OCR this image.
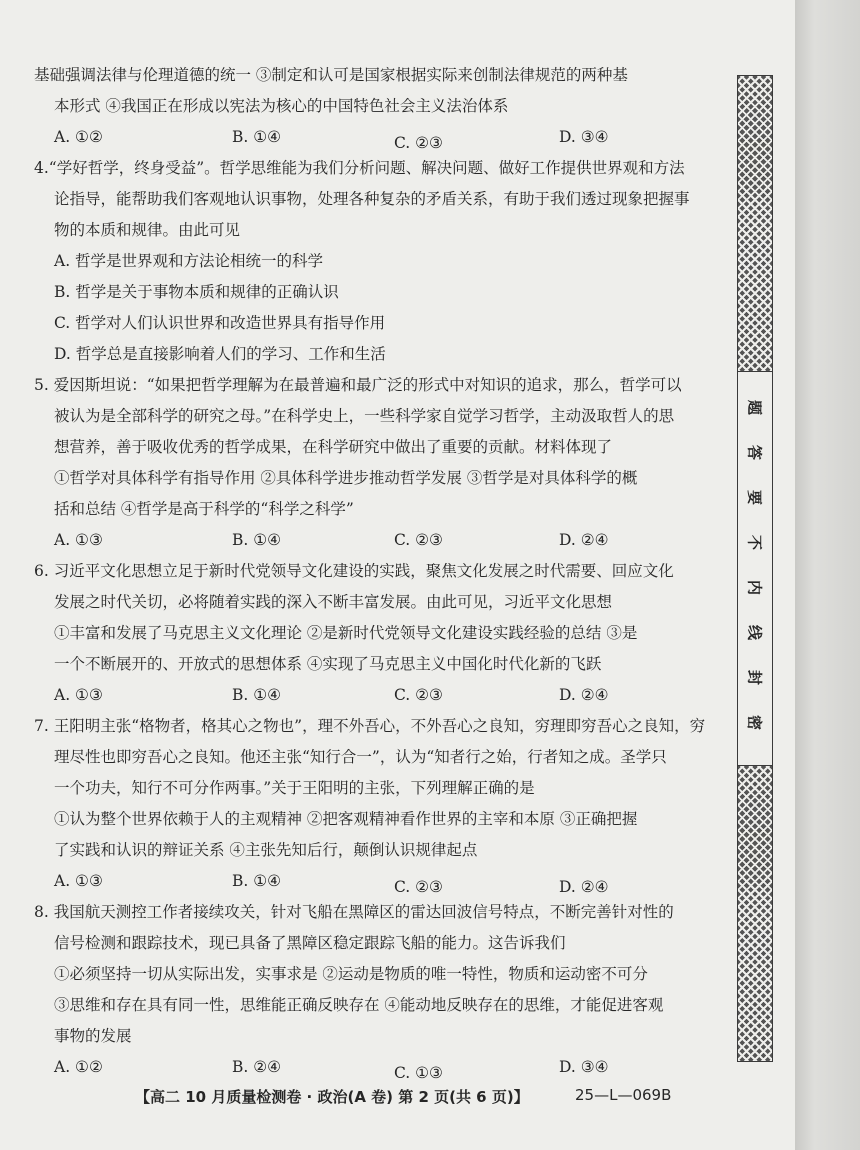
基础强调法律与伦理道德的统一 ③制定和认可是国家根据实际来创制法律规范的两种基
本形式 ④我国正在形成以宪法为核心的中国特色社会主义法治体系
A. ①②	B. ①④	C. ②③	D. ③④
4.“学好哲学，终身受益”。哲学思维能为我们分析问题、解决问题、做好工作提供世界观和方法
论指导，能帮助我们客观地认识事物，处理各种复杂的矛盾关系，有助于我们透过现象把握事
物的本质和规律。由此可见
A. 哲学是世界观和方法论相统一的科学
B. 哲学是关于事物本质和规律的正确认识
C. 哲学对人们认识世界和改造世界具有指导作用
D. 哲学总是直接影响着人们的学习、工作和生活
5. 爱因斯坦说：“如果把哲学理解为在最普遍和最广泛的形式中对知识的追求，那么，哲学可以
被认为是全部科学的研究之母。”在科学史上，一些科学家自觉学习哲学，主动汲取哲人的思
想营养，善于吸收优秀的哲学成果，在科学研究中做出了重要的贡献。材料体现了
①哲学对具体科学有指导作用 ②具体科学进步推动哲学发展 ③哲学是对具体科学的概
括和总结 ④哲学是高于科学的“科学之科学”
A. ①③	B. ①④	C. ②③	D. ②④
6. 习近平文化思想立足于新时代党领导文化建设的实践，聚焦文化发展之时代需要、回应文化
发展之时代关切，必将随着实践的深入不断丰富发展。由此可见，习近平文化思想
①丰富和发展了马克思主义文化理论 ②是新时代党领导文化建设实践经验的总结 ③是
一个不断展开的、开放式的思想体系 ④实现了马克思主义中国化时代化新的飞跃
A. ①③	B. ①④	C. ②③	D. ②④
7. 王阳明主张“格物者，格其心之物也”，理不外吾心，不外吾心之良知，穷理即穷吾心之良知，穷
理尽性也即穷吾心之良知。他还主张“知行合一”，认为“知者行之始，行者知之成。圣学只
一个功夫，知行不可分作两事。”关于王阳明的主张，下列理解正确的是
①认为整个世界依赖于人的主观精神 ②把客观精神看作世界的主宰和本原 ③正确把握
了实践和认识的辩证关系 ④主张先知后行，颠倒认识规律起点
A. ①③	B. ①④	C. ②③	D. ②④
8. 我国航天测控工作者接续攻关，针对飞船在黑障区的雷达回波信号特点，不断完善针对性的
信号检测和跟踪技术，现已具备了黑障区稳定跟踪飞船的能力。这告诉我们
①必须坚持一切从实际出发，实事求是 ②运动是物质的唯一特性，物质和运动密不可分
③思维和存在具有同一性，思维能正确反映存在 ④能动地反映存在的思维，才能促进客观
事物的发展
A. ①②	B. ②④	C. ①③	D. ③④
【高二 10 月质量检测卷 · 政治(A 卷) 第 2 页(共 6 页)】	25—L—069B
密
封
线
内
不
要
答
题
